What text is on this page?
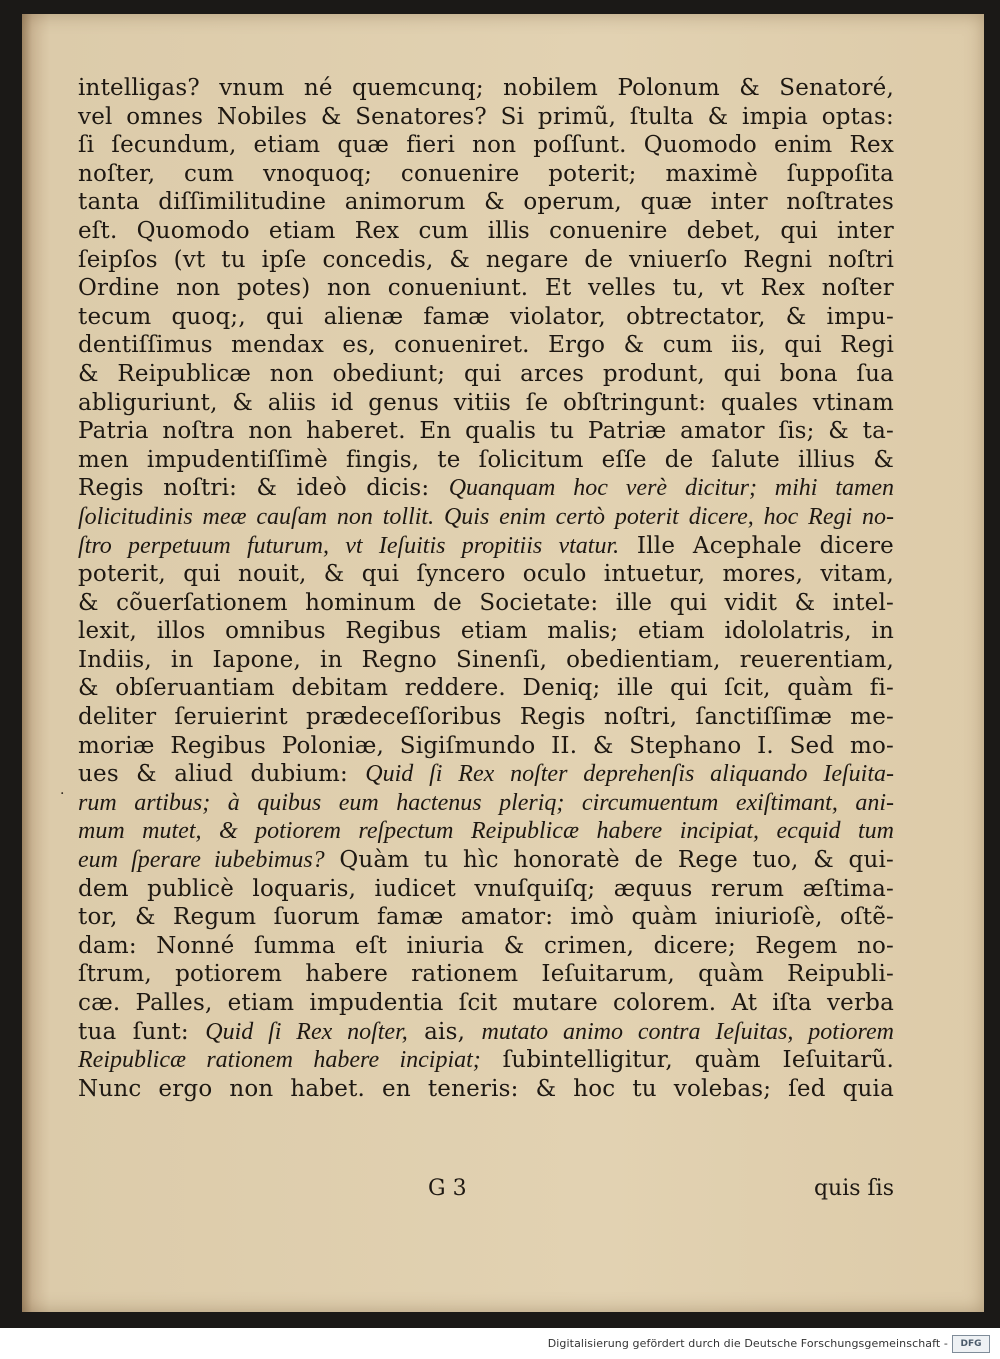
intelligas? vnum né quemcunq; nobilem Polonum & Senatoré,
vel omnes Nobiles & Senatores? Si primũ, ſtulta & impia optas:
ſi ſecundum, etiam quæ fieri non poſſunt. Quomodo enim Rex
noſter, cum vnoquoq; conuenire poterit; maximè ſuppoſita
tanta diſſimilitudine animorum & operum, quæ inter noſtrates
eſt. Quomodo etiam Rex cum illis conuenire debet, qui inter
ſeipſos (vt tu ipſe concedis, & negare de vniuerſo Regni noſtri
Ordine non potes) non conueniunt. Et velles tu, vt Rex noſter
tecum quoq;, qui alienæ famæ violator, obtrectator, & impu-
dentiſſimus mendax es, conueniret. Ergo & cum iis, qui Regi
& Reipublicæ non obediunt; qui arces produnt, qui bona ſua
abliguriunt, & aliis id genus vitiis ſe obſtringunt: quales vtinam
Patria noſtra non haberet. En qualis tu Patriæ amator ſis; & ta-
men impudentiſſimè fingis, te ſolicitum eſſe de ſalute illius &
Regis noſtri: & ideò dicis: Quanquam hoc verè dicitur; mihi tamen
ſolicitudinis meæ cauſam non tollit. Quis enim certò poterit dicere, hoc Regi no-
ſtro perpetuum futurum, vt Ieſuitis propitiis vtatur. Ille Acephale dicere
poterit, qui nouit, & qui ſyncero oculo intuetur, mores, vitam,
& cõuerſationem hominum de Societate: ille qui vidit & intel-
lexit, illos omnibus Regibus etiam malis; etiam idololatris, in
Indiis, in Iapone, in Regno Sinenſi, obedientiam, reuerentiam,
& obſeruantiam debitam reddere. Deniq; ille qui ſcit, quàm fi-
deliter ſeruierint prædeceſſoribus Regis noſtri, ſanctiſſimæ me-
moriæ Regibus Poloniæ, Sigiſmundo II. & Stephano I. Sed mo-
ues & aliud dubium: Quid ſi Rex noſter deprehenſis aliquando Ieſuita-
rum artibus; à quibus eum hactenus pleriq; circumuentum exiſtimant, ani-
mum mutet, & potiorem reſpectum Reipublicæ habere incipiat, ecquid tum
eum ſperare iubebimus? Quàm tu hìc honoratè de Rege tuo, & qui-
dem publicè loquaris, iudicet vnuſquiſq; æquus rerum æſtima-
tor, & Regum ſuorum famæ amator: imò quàm iniurioſè, oſtẽ-
dam: Nonné ſumma eſt iniuria & crimen, dicere; Regem no-
ſtrum, potiorem habere rationem Ieſuitarum, quàm Reipubli-
cæ. Palles, etiam impudentia ſcit mutare colorem. At iſta verba
tua ſunt: Quid ſi Rex noſter, ais, mutato animo contra Ieſuitas, potiorem
Reipublicæ rationem habere incipiat; ſubintelligitur, quàm Ieſuitarũ.
Nunc ergo non habet. en teneris: & hoc tu volebas; ſed quia
·
G 3	quis ſis
Digitalisierung gefördert durch die Deutsche Forschungsgemeinschaft -	DFG
